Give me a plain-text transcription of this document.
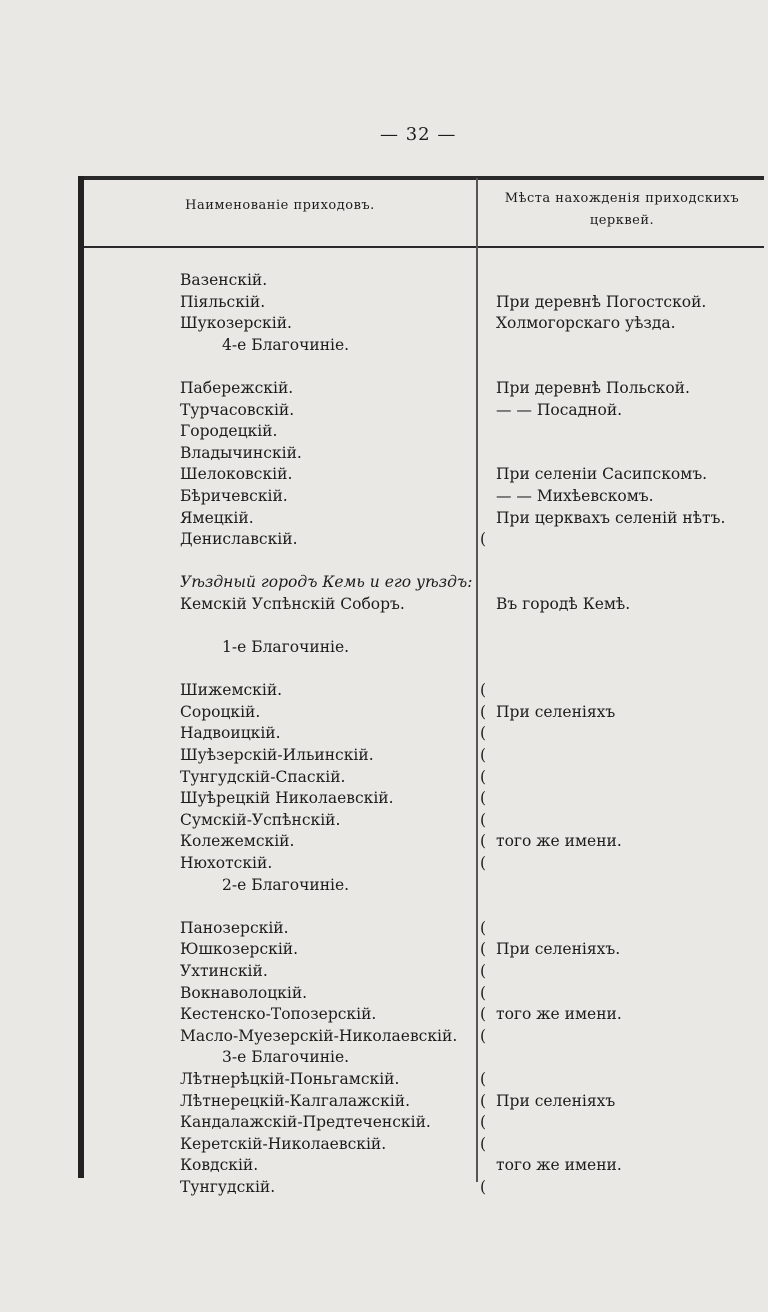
— 32 —
Наименованіе приходовъ.	Мѣста нахожденія приходскихъ
церквей.
Вазенскій.
Піяльскій.
Шукозерскій.
4-е Благочиніе.
Пабережскій.
Турчасовскій.
Городецкій.
Владычинскій.
Шелоковскій.
Бѣричевскій.
Ямецкій.
Дениславскій.
Уѣздный городъ Кемь и его уѣздъ:
Кемскій Успѣнскій Соборъ.
1-е Благочиніе.
Шижемскій.
Сороцкій.
Надвоицкій.
Шуѣзерскій-Ильинскій.
Тунгудскій-Спаскій.
Шуѣрецкій Николаевскій.
Сумскій-Успѣнскій.
Колежемскій.
Нюхотскій.
2-е Благочиніе.
Панозерскій.
Юшкозерскій.
Ухтинскій.
Вокнаволоцкій.
Кестенско-Топозерскій.
Масло-Муезерскій-Николаевскій.
3-е Благочиніе.
Лѣтнерѣцкій-Поньгамскій.
Лѣтнерецкій-Калгалажскій.
Кандалажскій-Предтеченскій.
Керетскій-Николаевскій.
Ковдскій.
Тунгудскій.
При деревнѣ Погостской.
Холмогорскаго уѣзда.
При деревнѣ Польской.
— — Посадной.
При селеніи Сасипскомъ.
— — Михѣевскомъ.
При церквахъ селеній нѣтъ.
(
Въ городѣ Кемѣ.
(
( При селеніяхъ
(
(
(
(
(
( того же имени.
(
(
( При селеніяхъ.
(
(
( того же имени.
(
(
( При селеніяхъ
(
(
того же имени.
(
